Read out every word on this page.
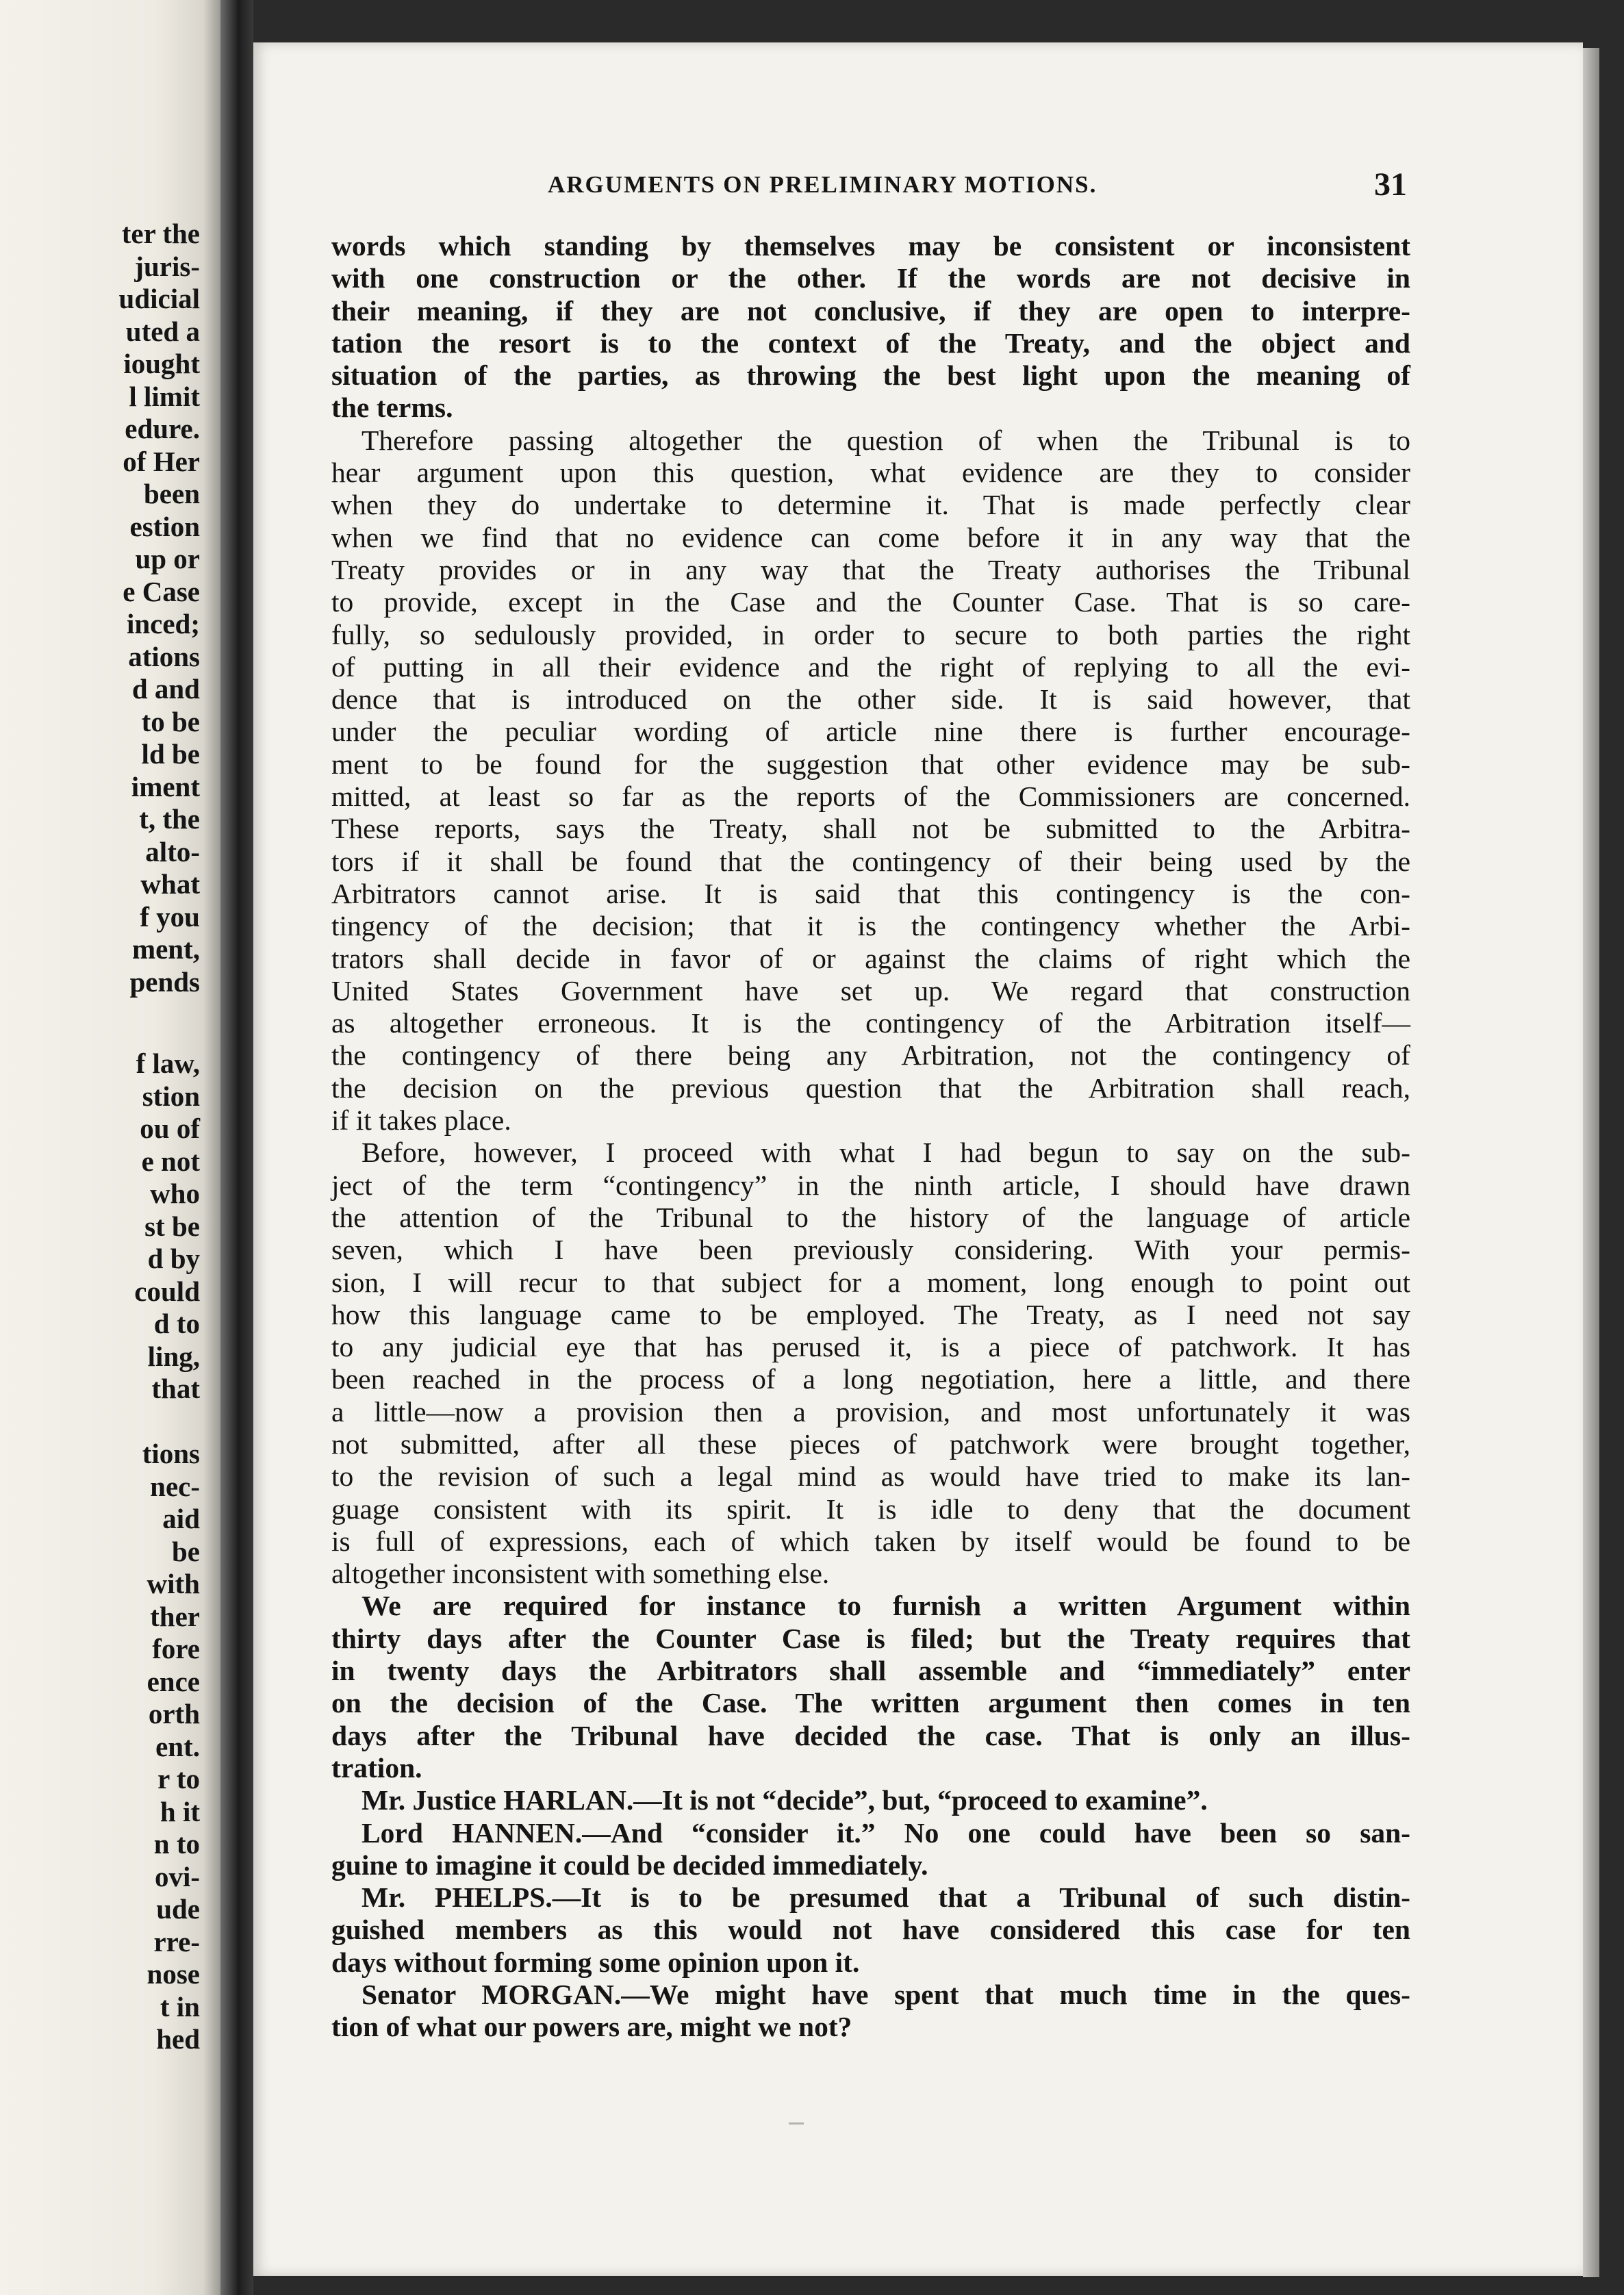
ter the
juris-
udicial
uted a
iought
l limit
edure.
of Her
been
estion
up or
e Case
inced;
ations
d and
to be
ld be
iment
t, the
alto-
what
f you
ment,
pends
f law,
stion
ou of
e not
who
st be
d by
could
d to
ling,
that
tions
nec-
aid
be
with
ther
fore
ence
orth
ent.
r to
h it
n to
ovi-
ude
rre-
nose
t in
hed
ARGUMENTS ON PRELIMINARY MOTIONS.	31
words which standing by themselves may be consistent or inconsistent
with one construction or the other. If the words are not decisive in
their meaning, if they are not conclusive, if they are open to interpre-
tation the resort is to the context of the Treaty, and the object and
situation of the parties, as throwing the best light upon the meaning of
the terms.
Therefore passing altogether the question of when the Tribunal is to
hear argument upon this question, what evidence are they to consider
when they do undertake to determine it. That is made perfectly clear
when we find that no evidence can come before it in any way that the
Treaty provides or in any way that the Treaty authorises the Tribunal
to provide, except in the Case and the Counter Case. That is so care-
fully, so sedulously provided, in order to secure to both parties the right
of putting in all their evidence and the right of replying to all the evi-
dence that is introduced on the other side. It is said however, that
under the peculiar wording of article nine there is further encourage-
ment to be found for the suggestion that other evidence may be sub-
mitted, at least so far as the reports of the Commissioners are concerned.
These reports, says the Treaty, shall not be submitted to the Arbitra-
tors if it shall be found that the contingency of their being used by the
Arbitrators cannot arise. It is said that this contingency is the con-
tingency of the decision; that it is the contingency whether the Arbi-
trators shall decide in favor of or against the claims of right which the
United States Government have set up. We regard that construction
as altogether erroneous. It is the contingency of the Arbitration itself—
the contingency of there being any Arbitration, not the contingency of
the decision on the previous question that the Arbitration shall reach,
if it takes place.
Before, however, I proceed with what I had begun to say on the sub-
ject of the term “contingency” in the ninth article, I should have drawn
the attention of the Tribunal to the history of the language of article
seven, which I have been previously considering. With your permis-
sion, I will recur to that subject for a moment, long enough to point out
how this language came to be employed. The Treaty, as I need not say
to any judicial eye that has perused it, is a piece of patchwork. It has
been reached in the process of a long negotiation, here a little, and there
a little—now a provision then a provision, and most unfortunately it was
not submitted, after all these pieces of patchwork were brought together,
to the revision of such a legal mind as would have tried to make its lan-
guage consistent with its spirit. It is idle to deny that the document
is full of expressions, each of which taken by itself would be found to be
altogether inconsistent with something else.
We are required for instance to furnish a written Argument within
thirty days after the Counter Case is filed; but the Treaty requires that
in twenty days the Arbitrators shall assemble and “immediately” enter
on the decision of the Case. The written argument then comes in ten
days after the Tribunal have decided the case. That is only an illus-
tration.
Mr. Justice HARLAN.—It is not “decide”, but, “proceed to examine”.
Lord HANNEN.—And “consider it.” No one could have been so san-
guine to imagine it could be decided immediately.
Mr. PHELPS.—It is to be presumed that a Tribunal of such distin-
guished members as this would not have considered this case for ten
days without forming some opinion upon it.
Senator MORGAN.—We might have spent that much time in the ques-
tion of what our powers are, might we not?
